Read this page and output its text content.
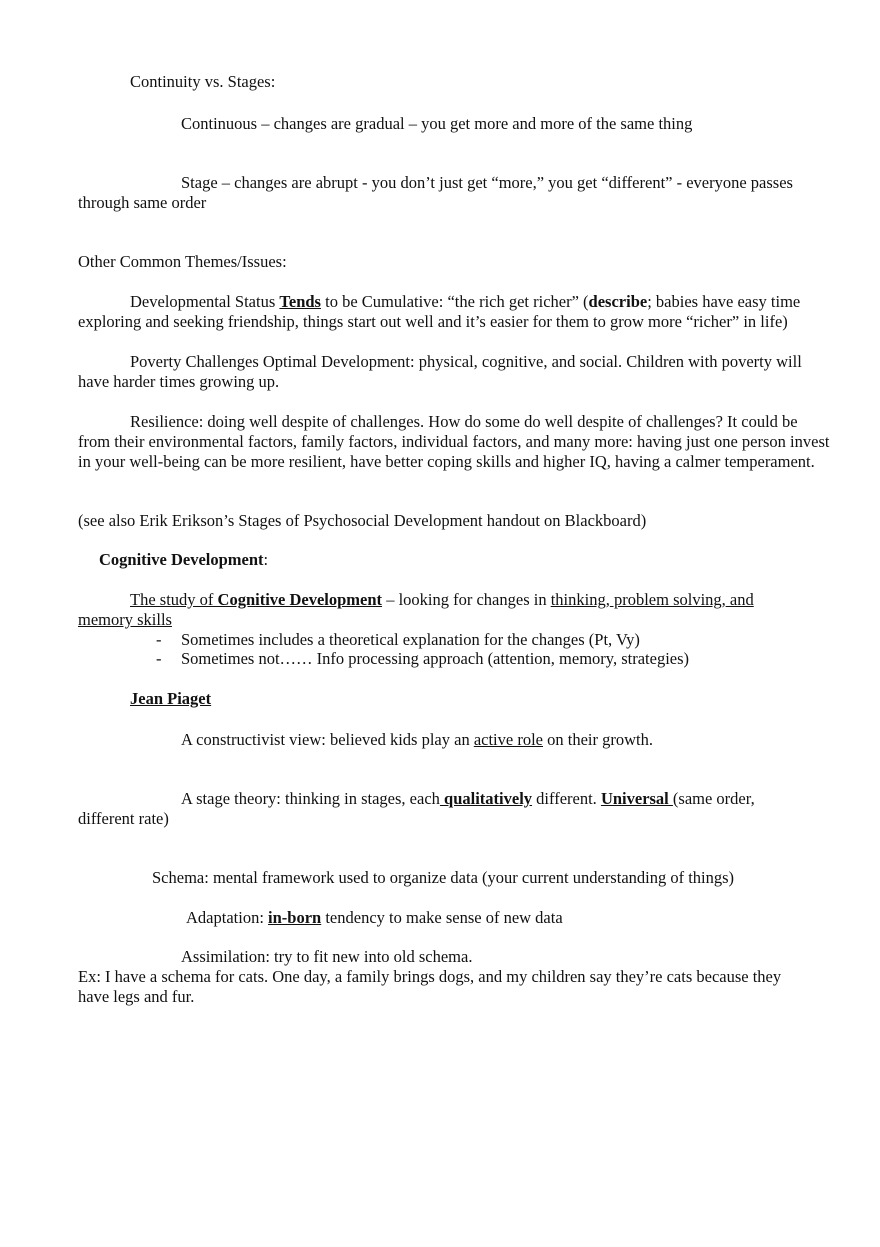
Continuity vs. Stages:
Continuous – changes are gradual – you get more and more of the same thing
Stage – changes are abrupt - you don’t just get “more,” you get “different” - everyone passes
through same order
Other Common Themes/Issues:
Developmental Status Tends to be Cumulative: “the rich get richer” (describe; babies have easy time exploring and seeking friendship, things start out well and it’s easier for them to grow more “richer” in life)
Poverty Challenges Optimal Development: physical, cognitive, and social. Children with poverty will have harder times growing up.
Resilience: doing well despite of challenges. How do some do well despite of challenges? It could be from their environmental factors, family factors, individual factors, and many more: having just one person invest in your well-being can be more resilient, have better coping skills and higher IQ, having a calmer temperament.
(see also Erik Erikson’s Stages of Psychosocial Development handout on Blackboard)
Cognitive Development:
The study of Cognitive Development – looking for changes in thinking, problem solving, and
memory skills
- Sometimes includes a theoretical explanation for the changes (Pt, Vy)
- Sometimes not…… Info processing approach (attention, memory, strategies)
Jean Piaget
A constructivist view: believed kids play an active role on their growth.
A stage theory: thinking in stages, each qualitatively different. Universal (same order,
different rate)
Schema: mental framework used to organize data (your current understanding of things)
Adaptation: in-born tendency to make sense of new data
Assimilation: try to fit new into old schema.
Ex: I have a schema for cats. One day, a family brings dogs, and my children say they’re cats because they
have legs and fur.
